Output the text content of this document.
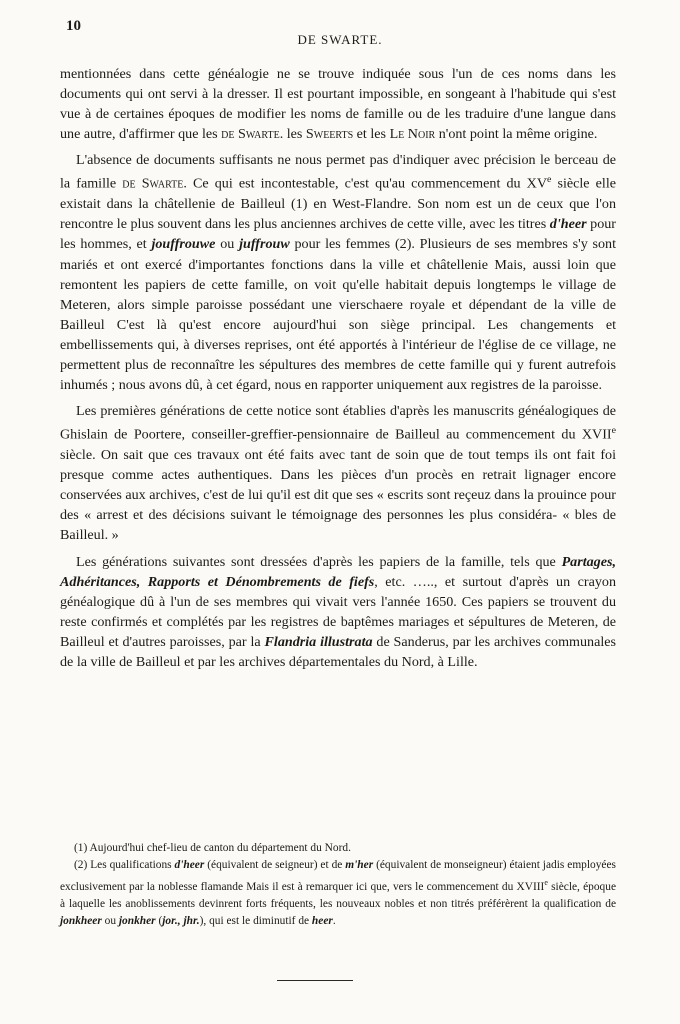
10
DE SWARTE.

mentionnées dans cette généalogie ne se trouve indiquée sous l'un de ces noms dans les documents qui ont servi à la dresser. Il est pourtant impossible, en songeant à l'habitude qui s'est vue à de certaines époques de modifier les noms de famille ou de les traduire d'une langue dans une autre, d'affirmer que les de Swarte. les Sweerts et les Le Noir n'ont point la même origine.

L'absence de documents suffisants ne nous permet pas d'indiquer avec précision le berceau de la famille de Swarte. Ce qui est incontestable, c'est qu'au commencement du XVe siècle elle existait dans la châtellenie de Bailleul (1) en West-Flandre. Son nom est un de ceux que l'on rencontre le plus souvent dans les plus anciennes archives de cette ville, avec les titres d'heer pour les hommes, et jouffrouwe ou juffrouw pour les femmes (2). Plusieurs de ses membres s'y sont mariés et ont exercé d'importantes fonctions dans la ville et châtellenie Mais, aussi loin que remontent les papiers de cette famille, on voit qu'elle habitait depuis longtemps le village de Meteren, alors simple paroisse possédant une vierschaere royale et dépendant de la ville de Bailleul C'est là qu'est encore aujourd'hui son siège principal. Les changements et embellissements qui, à diverses reprises, ont été apportés à l'intérieur de l'église de ce village, ne permettent plus de reconnaître les sépultures des membres de cette famille qui y furent autrefois inhumés ; nous avons dû, à cet égard, nous en rapporter uniquement aux registres de la paroisse.

Les premières générations de cette notice sont établies d'après les manuscrits généalogiques de Ghislain de Poortere, conseiller-greffier-pensionnaire de Bailleul au commencement du XVIIe siècle. On sait que ces travaux ont été faits avec tant de soin que de tout temps ils ont fait foi presque comme actes authentiques. Dans les pièces d'un procès en retrait lignager encore conservées aux archives, c'est de lui qu'il est dit que ses « escrits sont reçeuz dans la prouince pour des « arrest et des décisions suivant le témoignage des personnes les plus considéra- « bles de Bailleul. »

Les générations suivantes sont dressées d'après les papiers de la famille, tels que Partages, Adhéritances, Rapports et Dénombrements de fiefs, etc. ….., et surtout d'après un crayon généalogique dû à l'un de ses membres qui vivait vers l'année 1650. Ces papiers se trouvent du reste confirmés et complétés par les registres de baptêmes mariages et sépultures de Meteren, de Bailleul et d'autres paroisses, par la Flandria illustrata de Sanderus, par les archives communales de la ville de Bailleul et par les archives départementales du Nord, à Lille.

(1) Aujourd'hui chef-lieu de canton du département du Nord.

(2) Les qualifications d'heer (équivalent de seigneur) et de m'her (équivalent de monseigneur) étaient jadis employées exclusivement par la noblesse flamande Mais il est à remarquer ici que, vers le commencement du XVIIIe siècle, époque à laquelle les anoblissements devinrent forts fréquents, les nouveaux nobles et non titrés préférèrent la qualification de jonkheer ou jonkher (jor., jhr.), qui est le diminutif de heer.
